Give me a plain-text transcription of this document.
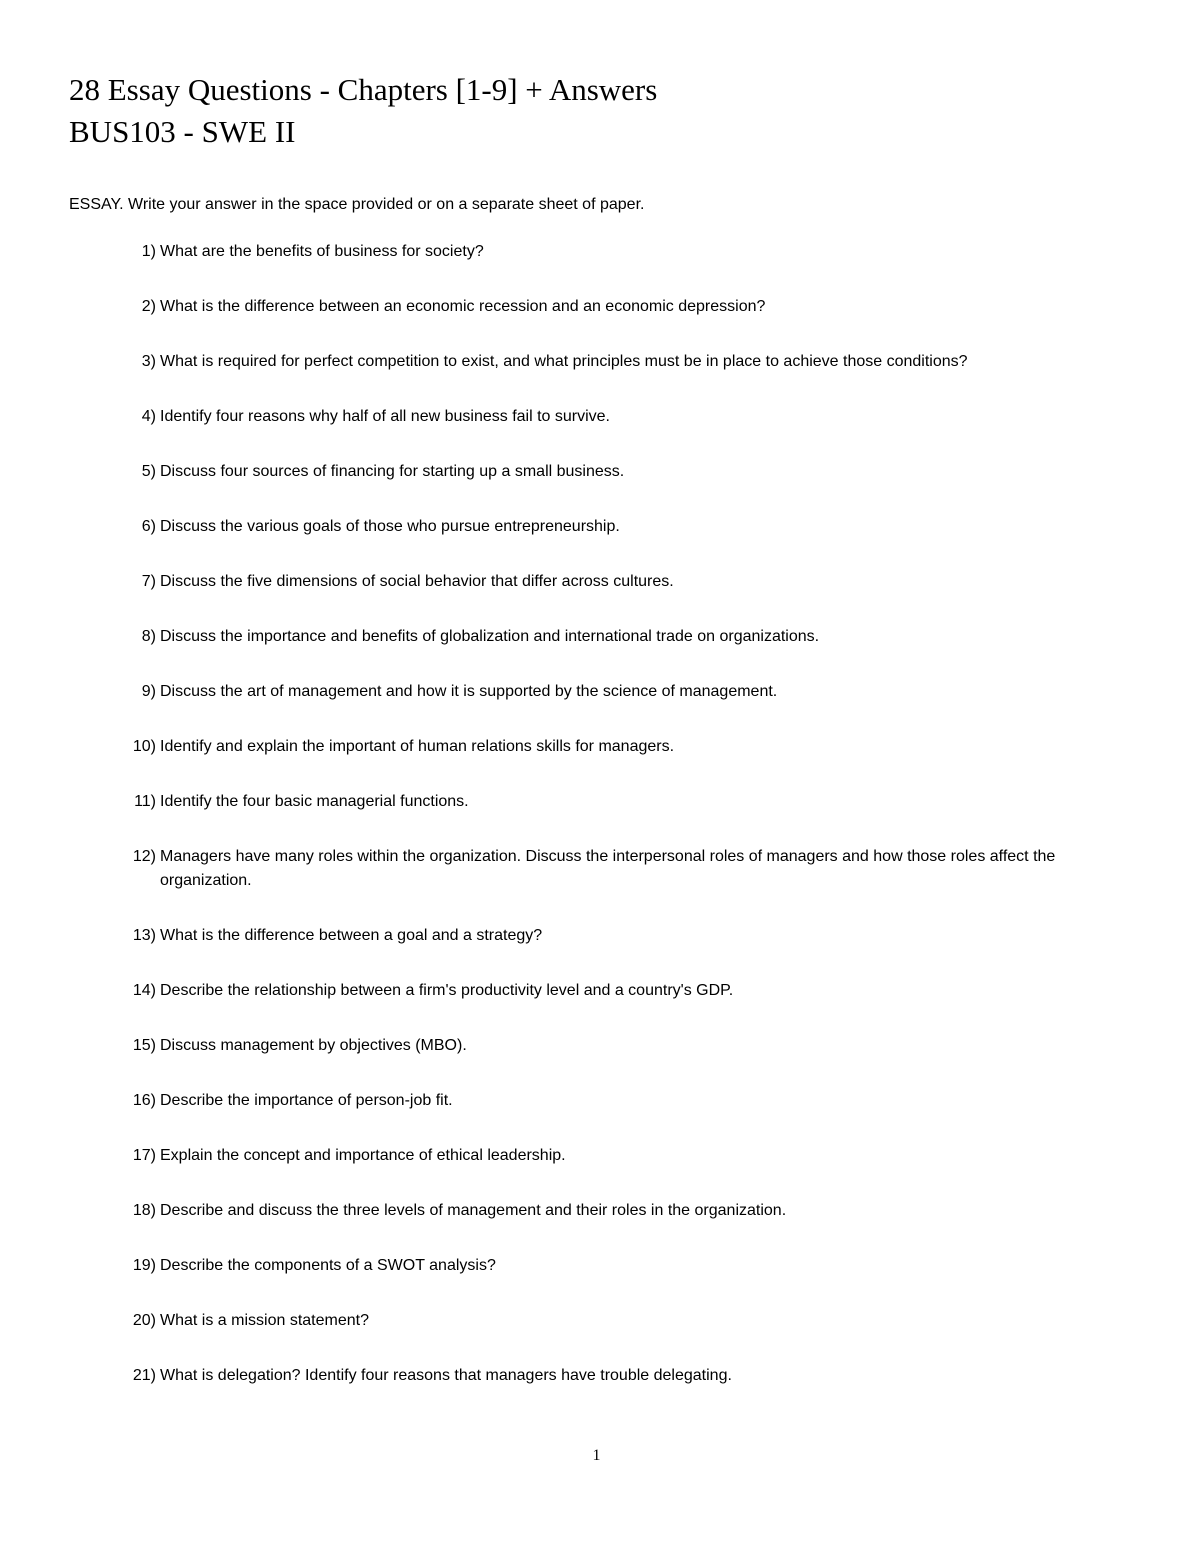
28 Essay Questions - Chapters [1-9] + Answers
BUS103 - SWE II
ESSAY. Write your answer in the space provided or on a separate sheet of paper.
1) What are the benefits of business for society?
2) What is the difference between an economic recession and an economic depression?
3) What is required for perfect competition to exist, and what principles must be in place to achieve those conditions?
4) Identify four reasons why half of all new business fail to survive.
5) Discuss four sources of financing for starting up a small business.
6) Discuss the various goals of those who pursue entrepreneurship.
7) Discuss the five dimensions of social behavior that differ across cultures.
8) Discuss the importance and benefits of globalization and international trade on organizations.
9) Discuss the art of management and how it is supported by the science of management.
10) Identify and explain the important of human relations skills for managers.
11) Identify the four basic managerial functions.
12) Managers have many roles within the organization. Discuss the interpersonal roles of managers and how those roles affect the organization.
13) What is the difference between a goal and a strategy?
14) Describe the relationship between a firm's productivity level and a country's GDP.
15) Discuss management by objectives (MBO).
16) Describe the importance of person-job fit.
17) Explain the concept and importance of ethical leadership.
18) Describe and discuss the three levels of management and their roles in the organization.
19) Describe the components of a SWOT analysis?
20) What is a mission statement?
21) What is delegation? Identify four reasons that managers have trouble delegating.
1
